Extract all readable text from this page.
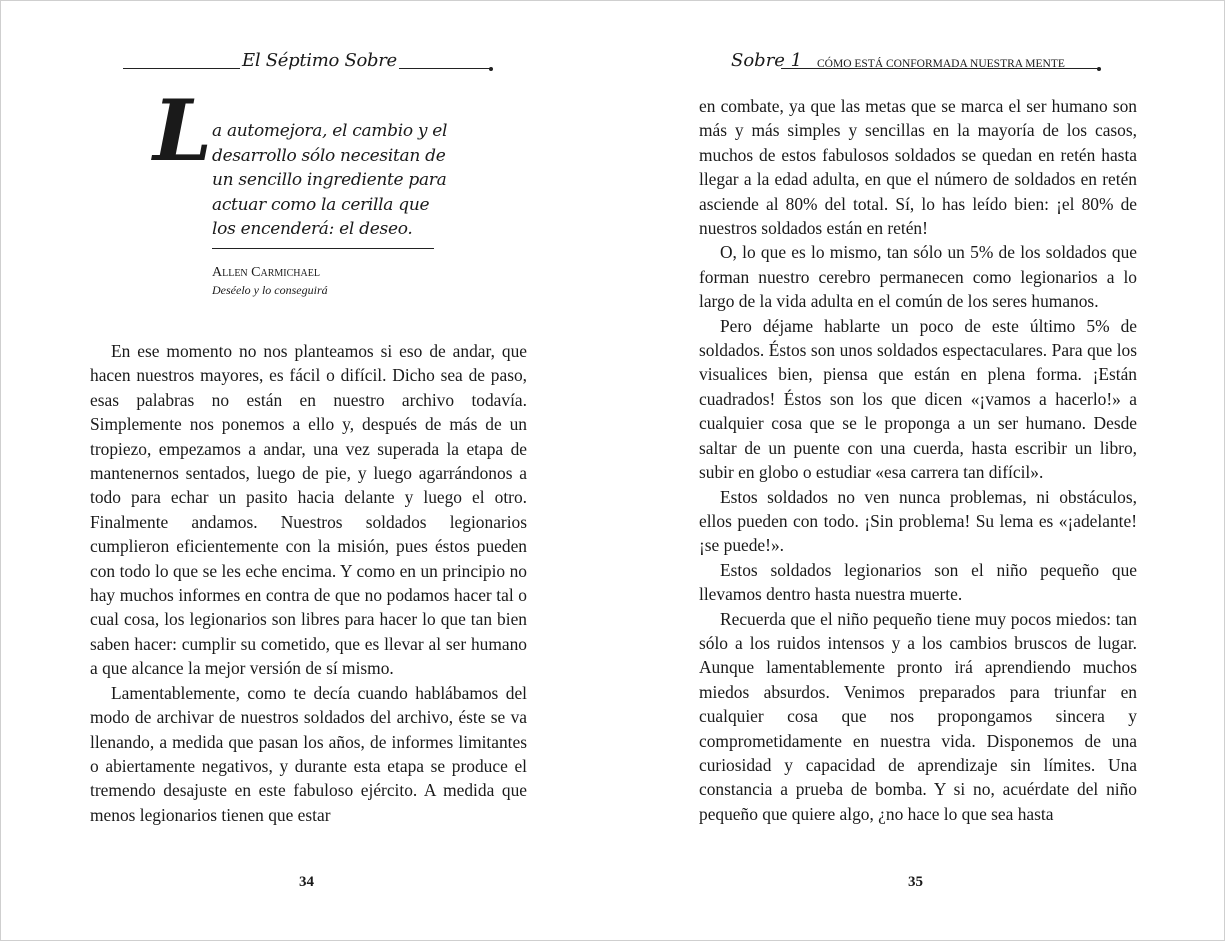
El Séptimo Sobre
L a automejora, el cambio y el
desarrollo sólo necesitan de
un sencillo ingrediente para
actuar como la cerilla que
los encenderá: el deseo.
Allen Carmichael
Deséelo y lo conseguirá

En ese momento no nos planteamos si eso de andar, que hacen nuestros mayores, es fácil o difícil. Dicho sea de paso, esas palabras no están en nuestro archivo todavía. Simplemente nos ponemos a ello y, después de más de un tropiezo, empezamos a andar, una vez superada la etapa de mantenernos sentados, luego de pie, y luego agarrándonos a todo para echar un pasito hacia delante y luego el otro. Finalmente andamos. Nuestros soldados legionarios cumplieron eficientemente con la misión, pues éstos pueden con todo lo que se les eche encima. Y como en un principio no hay muchos informes en contra de que no podamos hacer tal o cual cosa, los legionarios son libres para hacer lo que tan bien saben hacer: cumplir su cometido, que es llevar al ser humano a que alcance la mejor versión de sí mismo.

Lamentablemente, como te decía cuando hablábamos del modo de archivar de nuestros soldados del archivo, éste se va llenando, a medida que pasan los años, de informes limitantes o abiertamente negativos, y durante esta etapa se produce el tremendo desajuste en este fabuloso ejército. A medida que menos legionarios tienen que estar

34
Sobre 1 CÓMO ESTÁ CONFORMADA NUESTRA MENTE

en combate, ya que las metas que se marca el ser humano son más y más simples y sencillas en la mayoría de los casos, muchos de estos fabulosos soldados se quedan en retén hasta llegar a la edad adulta, en que el número de soldados en retén asciende al 80% del total. Sí, lo has leído bien: ¡el 80% de nuestros soldados están en retén!

O, lo que es lo mismo, tan sólo un 5% de los soldados que forman nuestro cerebro permanecen como legionarios a lo largo de la vida adulta en el común de los seres humanos.

Pero déjame hablarte un poco de este último 5% de soldados. Éstos son unos soldados espectaculares. Para que los visualices bien, piensa que están en plena forma. ¡Están cuadrados! Éstos son los que dicen «¡vamos a hacerlo!» a cualquier cosa que se le proponga a un ser humano. Desde saltar de un puente con una cuerda, hasta escribir un libro, subir en globo o estudiar «esa carrera tan difícil».

Estos soldados no ven nunca problemas, ni obstáculos, ellos pueden con todo. ¡Sin problema! Su lema es «¡adelante! ¡se puede!».

Estos soldados legionarios son el niño pequeño que llevamos dentro hasta nuestra muerte.

Recuerda que el niño pequeño tiene muy pocos miedos: tan sólo a los ruidos intensos y a los cambios bruscos de lugar. Aunque lamentablemente pronto irá aprendiendo muchos miedos absurdos. Venimos preparados para triunfar en cualquier cosa que nos propongamos sincera y comprometidamente en nuestra vida. Disponemos de una curiosidad y capacidad de aprendizaje sin límites. Una constancia a prueba de bomba. Y si no, acuérdate del niño pequeño que quiere algo, ¿no hace lo que sea hasta

35
